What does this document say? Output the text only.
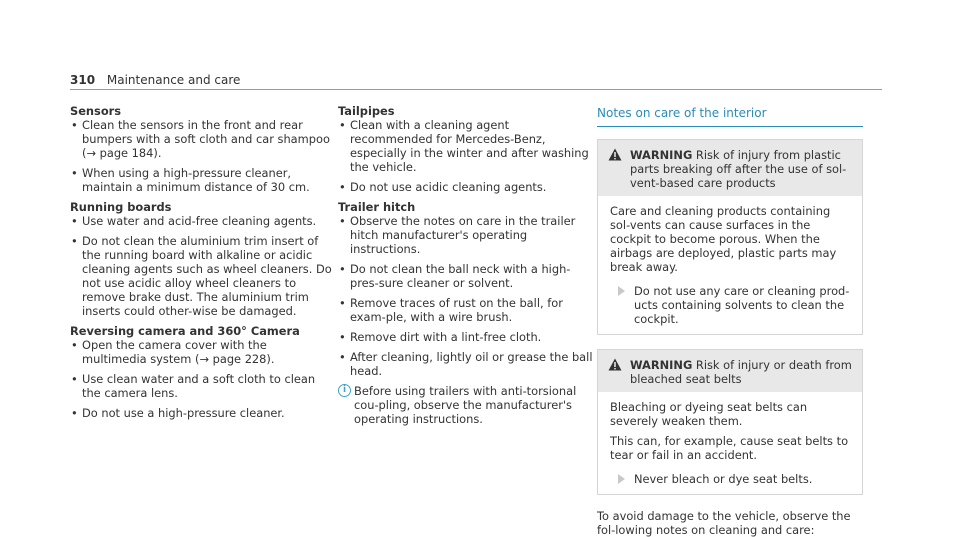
310 Maintenance and care
Sensors
• Clean the sensors in the front and rear bumpers with a soft cloth and car shampoo (→ page 184).
• When using a high-pressure cleaner, maintain a minimum distance of 30 cm.
Running boards
• Use water and acid-free cleaning agents.
• Do not clean the aluminium trim insert of the running board with alkaline or acidic cleaning agents such as wheel cleaners. Do not use acidic alloy wheel cleaners to remove brake dust. The aluminium trim inserts could other-wise be damaged.
Reversing camera and 360° Camera
• Open the camera cover with the multimedia system (→ page 228).
• Use clean water and a soft cloth to clean the camera lens.
• Do not use a high-pressure cleaner.
Tailpipes
• Clean with a cleaning agent recommended for Mercedes-Benz, especially in the winter and after washing the vehicle.
• Do not use acidic cleaning agents.
Trailer hitch
• Observe the notes on care in the trailer hitch manufacturer's operating instructions.
• Do not clean the ball neck with a high-pres-sure cleaner or solvent.
• Remove traces of rust on the ball, for exam-ple, with a wire brush.
• Remove dirt with a lint-free cloth.
• After cleaning, lightly oil or grease the ball head.
i Before using trailers with anti-torsional cou-pling, observe the manufacturer's operating instructions.
Notes on care of the interior
WARNING Risk of injury from plastic parts breaking off after the use of sol-vent-based care products

Care and cleaning products containing sol-vents can cause surfaces in the cockpit to become porous. When the airbags are deployed, plastic parts may break away.

Do not use any care or cleaning prod-ucts containing solvents to clean the cockpit.
WARNING Risk of injury or death from bleached seat belts

Bleaching or dyeing seat belts can severely weaken them.

This can, for example, cause seat belts to tear or fail in an accident.

Never bleach or dye seat belts.
To avoid damage to the vehicle, observe the fol-lowing notes on cleaning and care:
